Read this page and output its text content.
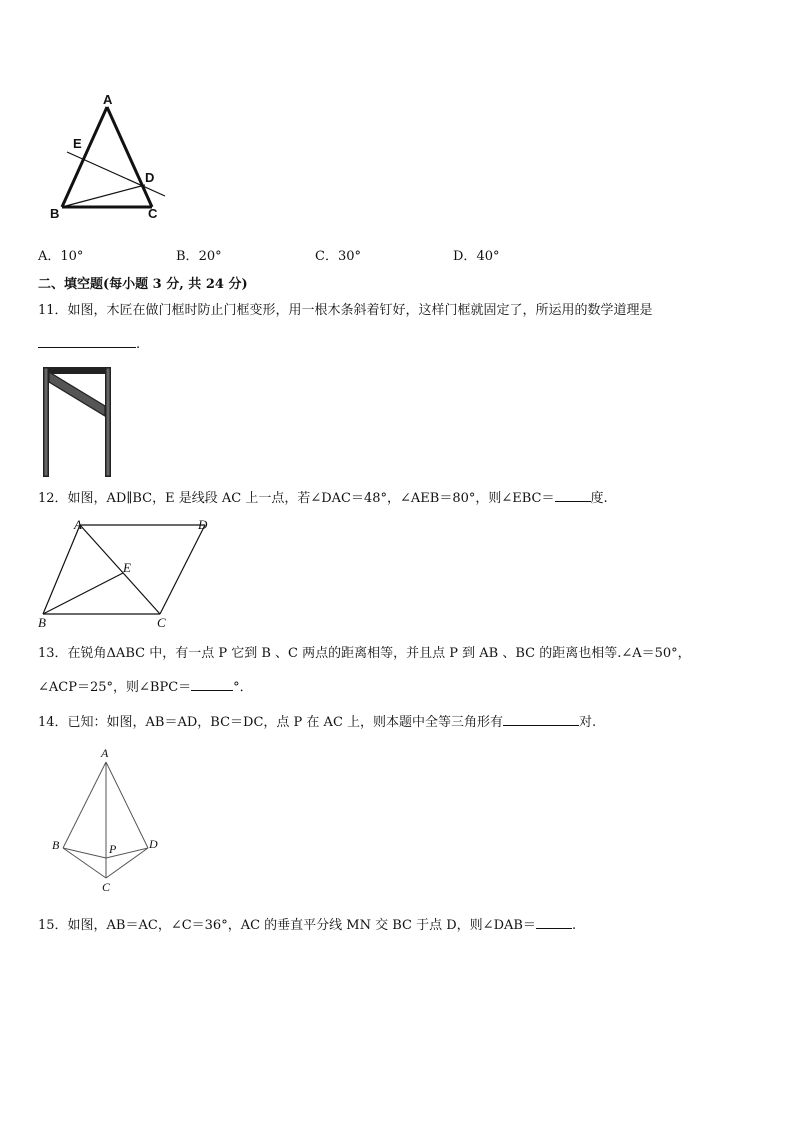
A
E
D
B	C
A．10°	B．20°	C．30°	D．40°
二、填空题(每小题 3 分, 共 24 分)
11．如图，木匠在做门框时防止门框变形，用一根木条斜着钉好，这样门框就固定了，所运用的数学道理是
.
12．如图，AD∥BC，E 是线段 AC 上一点，若∠DAC＝48°，∠AEB＝80°，则∠EBC＝	度.
A	D
E
B	C
13．在锐角ΔABC 中，有一点 P 它到 B 、C 两点的距离相等，并且点 P 到 AB 、BC 的距离也相等.∠A＝50°，
∠ACP＝25°，则∠BPC＝	°．
14．已知：如图，AB＝AD，BC＝DC，点 P 在 AC 上，则本题中全等三角形有	对.
A
B	P	D
C
15．如图，AB＝AC，∠C＝36°，AC 的垂直平分线 MN 交 BC 于点 D，则∠DAB＝	.
